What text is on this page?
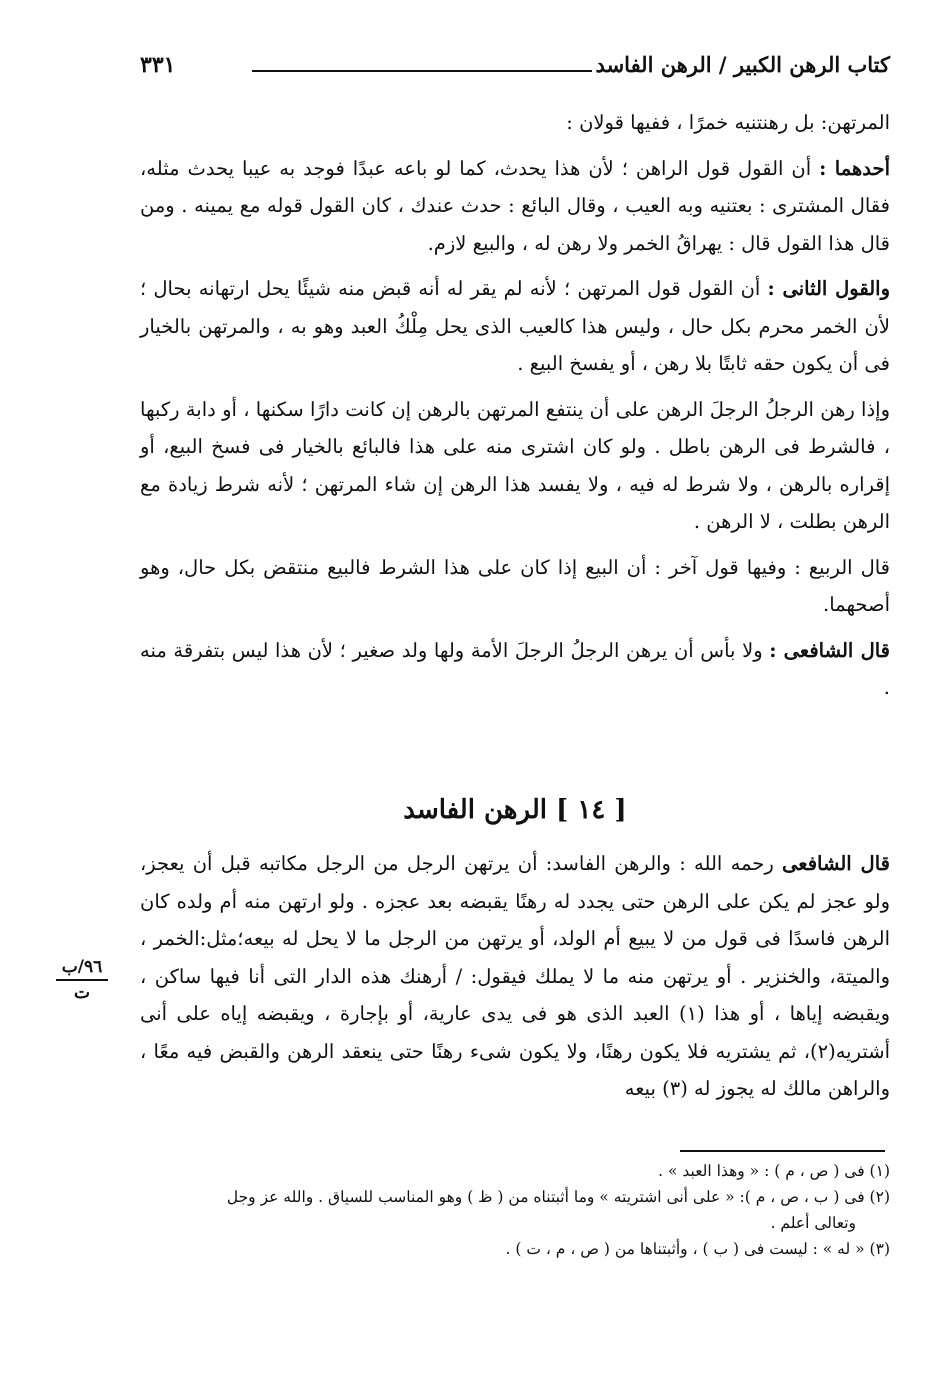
كتاب الرهن الكبير / الرهن الفاسد
٣٣١

المرتهن: بل رهنتنيه خمرًا ، ففيها قولان :

أحدهما : أن القول قول الراهن ؛ لأن هذا يحدث، كما لو باعه عبدًا فوجد به عيبا يحدث مثله، فقال المشترى : بعتنيه وبه العيب ، وقال البائع : حدث عندك ، كان القول قوله مع يمينه . ومن قال هذا القول قال : يهراقُ الخمر ولا رهن له ، والبيع لازم.

والقول الثانى : أن القول قول المرتهن ؛ لأنه لم يقر له أنه قبض منه شيئًا يحل ارتهانه بحال ؛ لأن الخمر محرم بكل حال ، وليس هذا كالعيب الذى يحل مِلْكُ العبد وهو به ، والمرتهن بالخيار فى أن يكون حقه ثابتًا بلا رهن ، أو يفسخ البيع .

وإذا رهن الرجلُ الرجلَ الرهن على أن ينتفع المرتهن بالرهن إن كانت دارًا سكنها ، أو دابة ركبها ، فالشرط فى الرهن باطل . ولو كان اشترى منه على هذا فالبائع بالخيار فى فسخ البيع، أو إقراره بالرهن ، ولا شرط له فيه ، ولا يفسد هذا الرهن إن شاء المرتهن ؛ لأنه شرط زيادة مع الرهن بطلت ، لا الرهن .

قال الربيع : وفيها قول آخر : أن البيع إذا كان على هذا الشرط فالبيع منتقض بكل حال، وهو أصحهما.

قال الشافعى : ولا بأس أن يرهن الرجلُ الرجلَ الأمة ولها ولد صغير ؛ لأن هذا ليس بتفرقة منه .

[ ١٤ ] الرهن الفاسد

قال الشافعى رحمه الله : والرهن الفاسد: أن يرتهن الرجل من الرجل مكاتبه قبل أن يعجز، ولو عجز لم يكن على الرهن حتى يجدد له رهنًا يقبضه بعد عجزه . ولو ارتهن منه أم ولده كان الرهن فاسدًا فى قول من لا يبيع أم الولد، أو يرتهن من الرجل ما لا يحل له بيعه؛مثل:الخمر ، والميتة، والخنزير . أو يرتهن منه ما لا يملك فيقول: / أرهنك هذه الدار التى أنا فيها ساكن ، ويقبضه إياها ، أو هذا (١) العبد الذى هو فى يدى عارية، أو بإجارة ، ويقبضه إياه على أنى أشتريه(٢)، ثم يشتريه فلا يكون رهنًا، ولا يكون شىء رهنًا حتى ينعقد الرهن والقبض فيه معًا ، والراهن مالك له يجوز له (٣) بيعه

٩٦/ب
ت

(١) فى ( ص ، م ) : « وهذا العبد » .

(٢) فى ( ب ، ص ، م ): « على أنى اشتريته » وما أثبتناه من ( ظ ) وهو المناسب للسياق . والله عز وجل

وتعالى أعلم .

(٣) « له » : ليست فى ( ب ) ، وأثبتناها من ( ص ، م ، ت ) .
